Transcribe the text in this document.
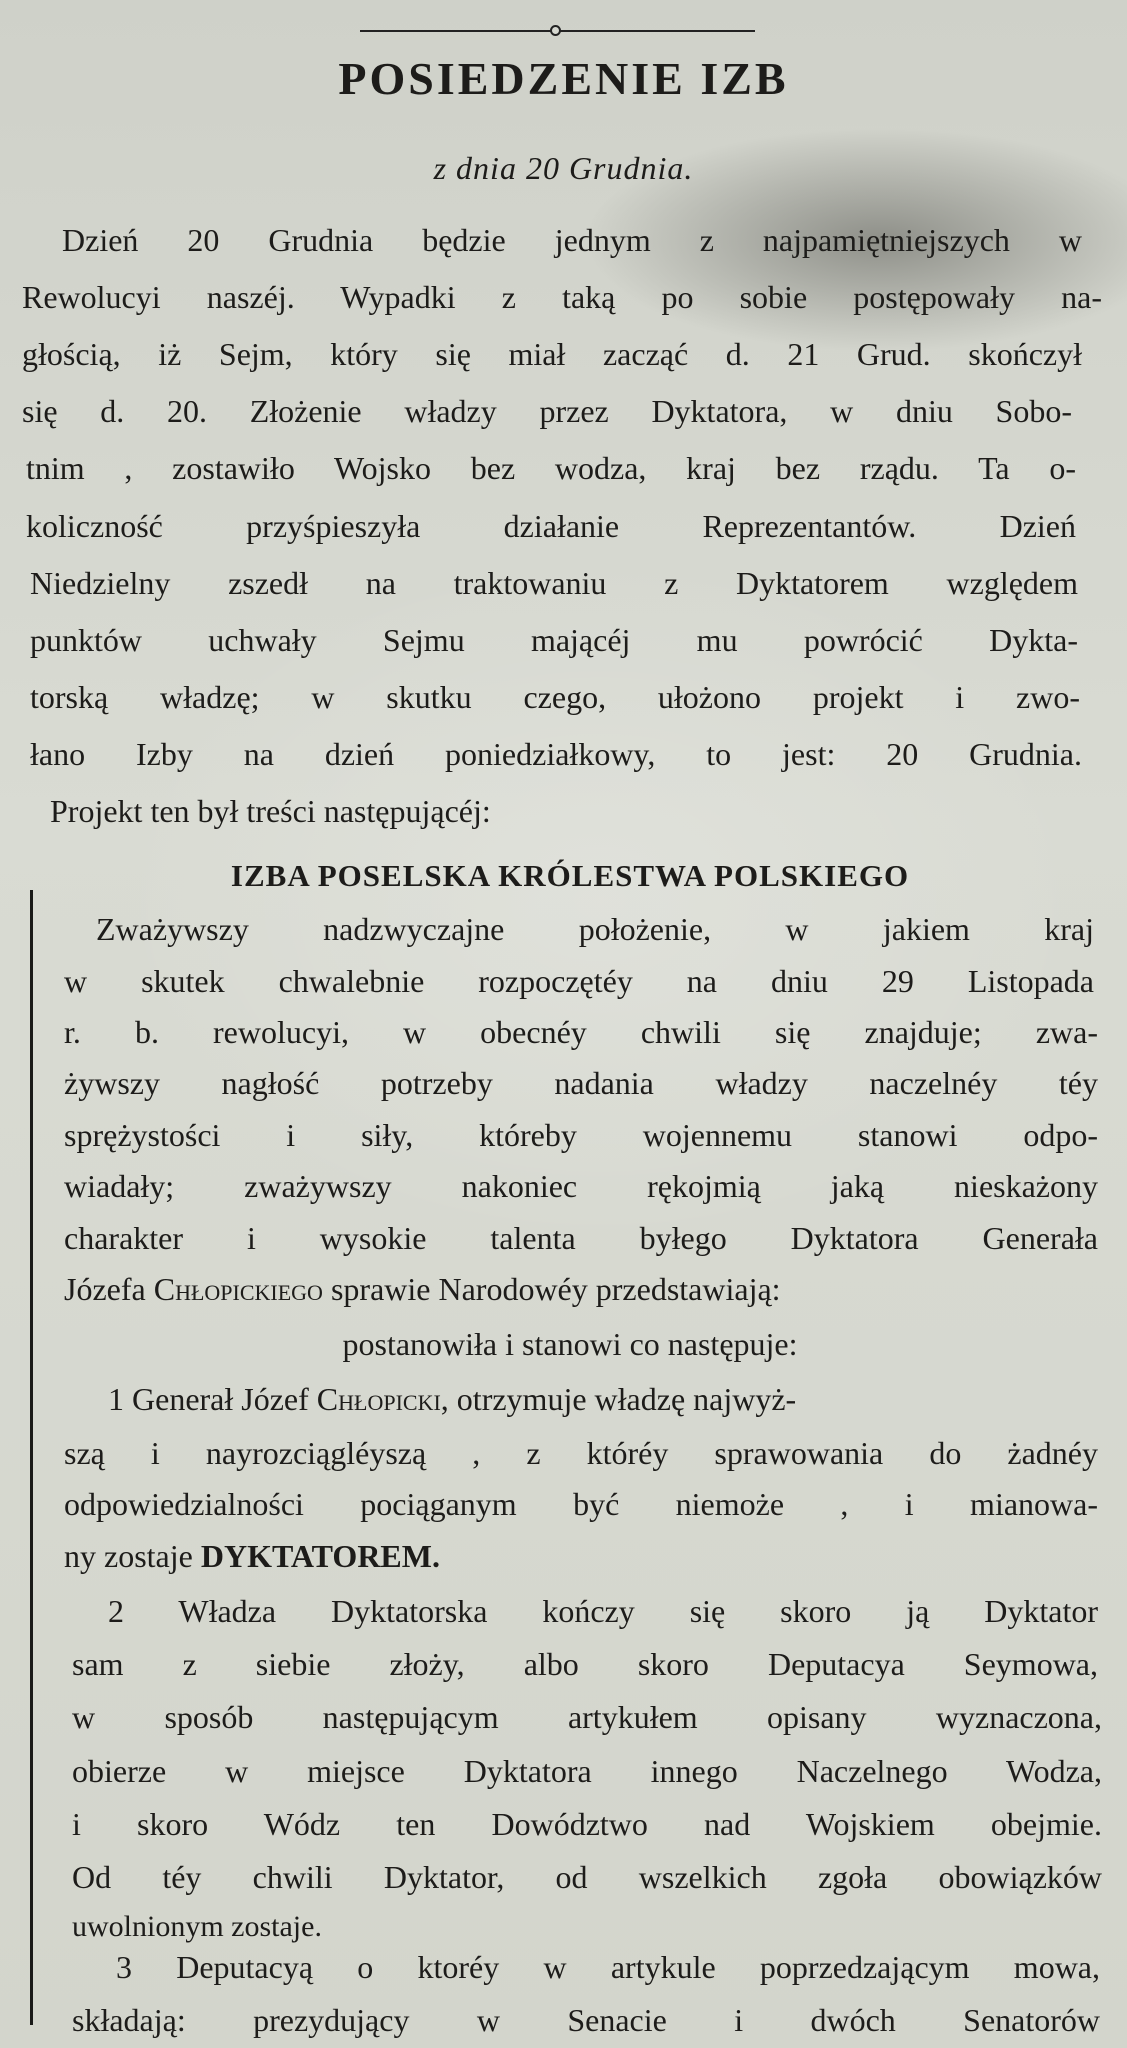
POSIEDZENIE IZB

z dnia 20 Grudnia.

Dzień 20 Grudnia będzie jednym z najpamiętniejszych w

Rewolucyi naszéj. Wypadki z taką po sobie postępowały na-

głością, iż Sejm, który się miał zacząć d. 21 Grud. skończył

się d. 20. Złożenie władzy przez Dyktatora, w dniu Sobo-

tnim , zostawiło Wojsko bez wodza, kraj bez rządu. Ta o-

koliczność przyśpieszyła działanie Reprezentantów. Dzień

Niedzielny zszedł na traktowaniu z Dyktatorem względem

punktów uchwały Sejmu mającéj mu powrócić Dykta-

torską władzę; w skutku czego, ułożono projekt i zwo-

łano Izby na dzień poniedziałkowy, to jest: 20 Grudnia.

Projekt ten był treści następującéj:

IZBA POSELSKA KRÓLESTWA POLSKIEGO

Zważywszy nadzwyczajne położenie, w jakiem kraj

w skutek chwalebnie rozpoczętéy na dniu 29 Listopada

r. b. rewolucyi, w obecnéy chwili się znajduje; zwa-

żywszy nagłość potrzeby nadania władzy naczelnéy téy

sprężystości i siły, któreby wojennemu stanowi odpo-

wiadały; zważywszy nakoniec rękojmią jaką nieskażony

charakter i wysokie talenta byłego Dyktatora Generała

Józefa Chłopickiego sprawie Narodowéy przedstawiają:

postanowiła i stanowi co następuje:

1 Generał Józef Chłopicki, otrzymuje władzę najwyż-

szą i nayrozciągléyszą , z któréy sprawowania do żadnéy

odpowiedzialności pociąganym być niemoże , i mianowa-

ny zostaje DYKTATOREM.

2 Władza Dyktatorska kończy się skoro ją Dyktator

sam z siebie złoży, albo skoro Deputacya Seymowa,

w sposób następującym artykułem opisany wyznaczona,

obierze w miejsce Dyktatora innego Naczelnego Wodza,

i skoro Wódz ten Dowództwo nad Wojskiem obejmie.

Od téy chwili Dyktator, od wszelkich zgoła obowiązków

uwolnionym zostaje.

3 Deputacyą o ktoréy w artykule poprzedzającym mowa,

składają: prezydujący w Senacie i dwóch Senatorów
